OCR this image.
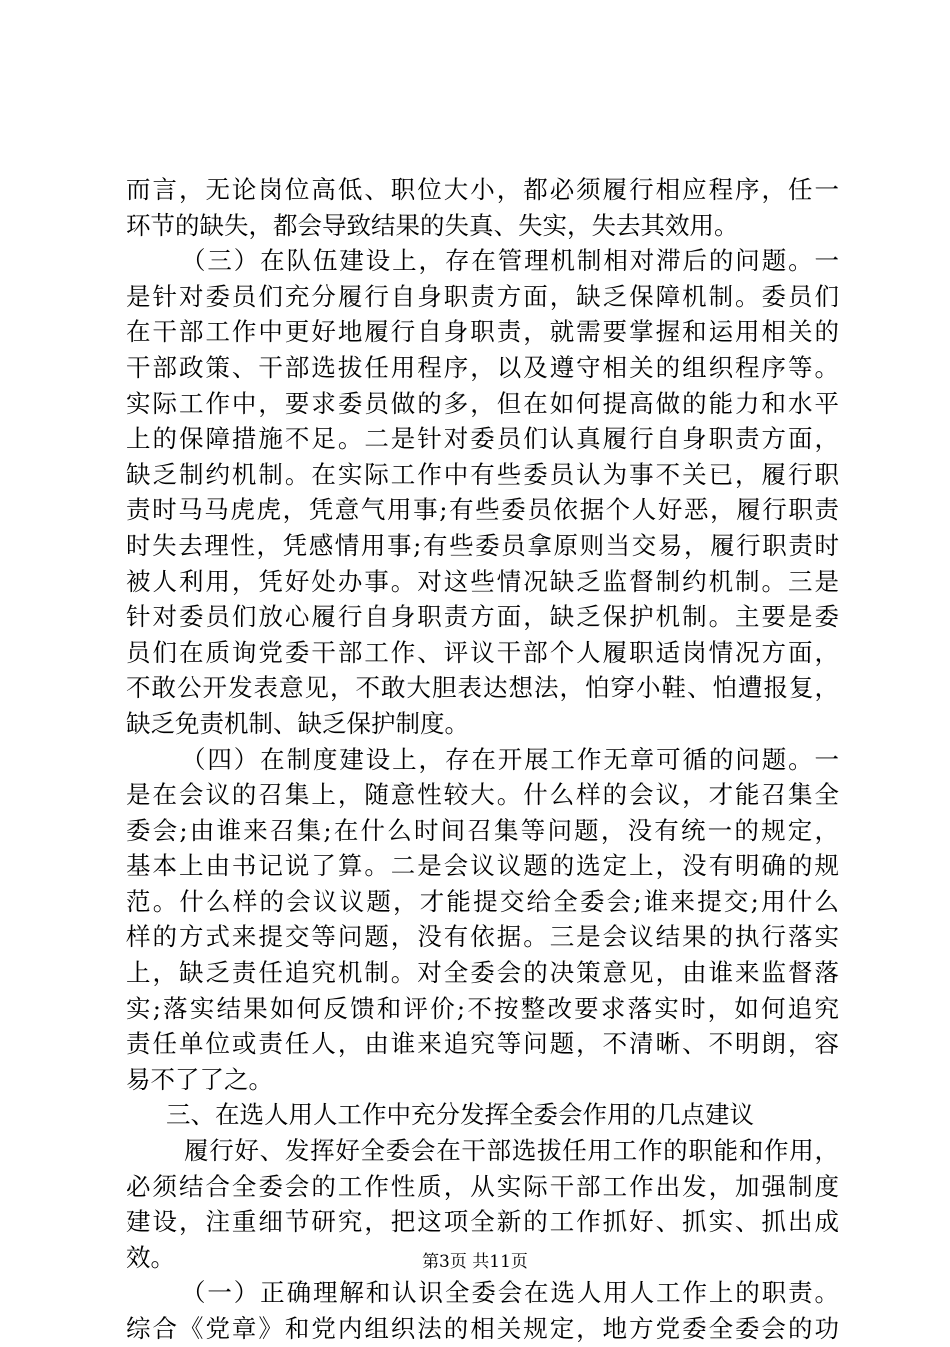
而言，无论岗位高低、职位大小，都必须履行相应程序，任一
环节的缺失，都会导致结果的失真、失实，失去其效用。
（三）在队伍建设上，存在管理机制相对滞后的问题。一
是针对委员们充分履行自身职责方面，缺乏保障机制。委员们
在干部工作中更好地履行自身职责，就需要掌握和运用相关的
干部政策、干部选拔任用程序，以及遵守相关的组织程序等。
实际工作中，要求委员做的多，但在如何提高做的能力和水平
上的保障措施不足。二是针对委员们认真履行自身职责方面，
缺乏制约机制。在实际工作中有些委员认为事不关已，履行职
责时马马虎虎，凭意气用事;有些委员依据个人好恶，履行职责
时失去理性，凭感情用事;有些委员拿原则当交易，履行职责时
被人利用，凭好处办事。对这些情况缺乏监督制约机制。三是
针对委员们放心履行自身职责方面，缺乏保护机制。主要是委
员们在质询党委干部工作、评议干部个人履职适岗情况方面，
不敢公开发表意见，不敢大胆表达想法，怕穿小鞋、怕遭报复，
缺乏免责机制、缺乏保护制度。
（四）在制度建设上，存在开展工作无章可循的问题。一
是在会议的召集上，随意性较大。什么样的会议，才能召集全
委会;由谁来召集;在什么时间召集等问题，没有统一的规定，
基本上由书记说了算。二是会议议题的选定上，没有明确的规
范。什么样的会议议题，才能提交给全委会;谁来提交;用什么
样的方式来提交等问题，没有依据。三是会议结果的执行落实
上，缺乏责任追究机制。对全委会的决策意见，由谁来监督落
实;落实结果如何反馈和评价;不按整改要求落实时，如何追究
责任单位或责任人，由谁来追究等问题，不清晰、不明朗，容
易不了了之。
三、在选人用人工作中充分发挥全委会作用的几点建议
履行好、发挥好全委会在干部选拔任用工作的职能和作用，
必须结合全委会的工作性质，从实际干部工作出发，加强制度
建设，注重细节研究，把这项全新的工作抓好、抓实、抓出成
效。
（一）正确理解和认识全委会在选人用人工作上的职责。
综合《党章》和党内组织法的相关规定，地方党委全委会的功
第3页 共11页
